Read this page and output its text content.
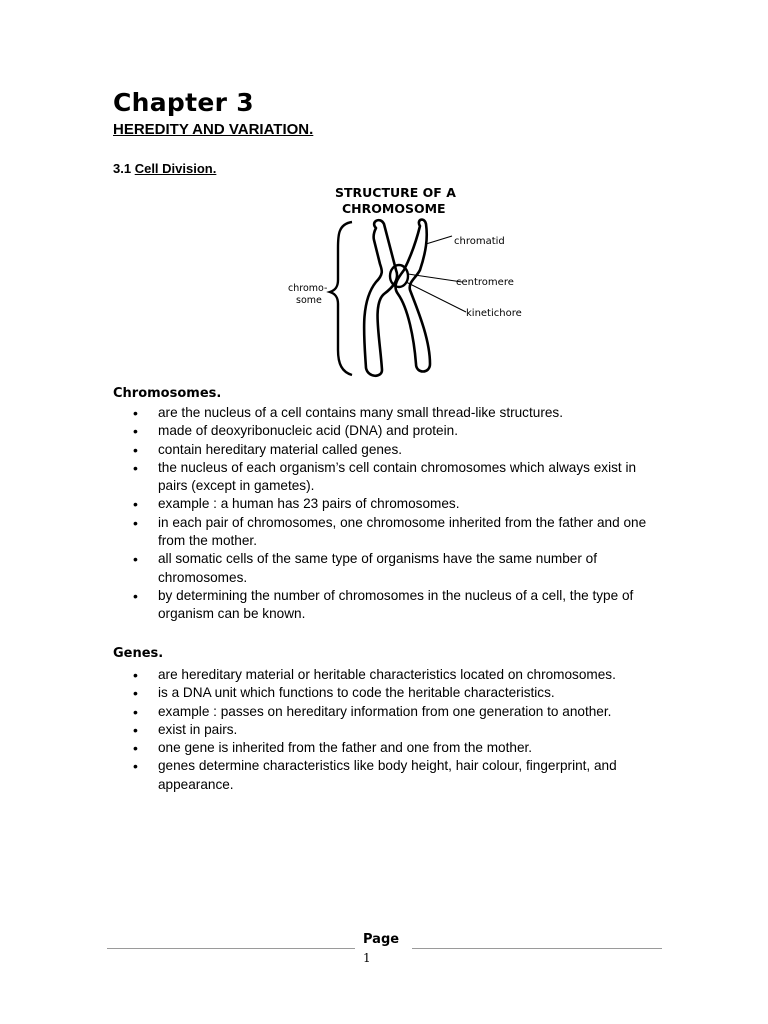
Chapter 3
HEREDITY AND VARIATION.
3.1 Cell Division.
STRUCTURE OF A
CHROMOSOME
chromo-
some
chromatid
centromere
kinetichore
Chromosomes.
• are the nucleus of a cell contains many small thread-like structures.
• made of deoxyribonucleic acid (DNA) and protein.
• contain hereditary material called genes.
• the nucleus of each organism’s cell contain chromosomes which always exist in pairs (except in gametes).
• example : a human has 23 pairs of chromosomes.
• in each pair of chromosomes, one chromosome inherited from the father and one from the mother.
• all somatic cells of the same type of organisms have the same number of chromosomes.
• by determining the number of chromosomes in the nucleus of a cell, the type of organism can be known.
Genes.
• are hereditary material or heritable characteristics located on chromosomes.
• is a DNA unit which functions to code the heritable characteristics.
• example : passes on hereditary information from one generation to another.
• exist in pairs.
• one gene is inherited from the father and one from the mother.
• genes determine characteristics like body height, hair colour, fingerprint, and appearance.
Page
1
